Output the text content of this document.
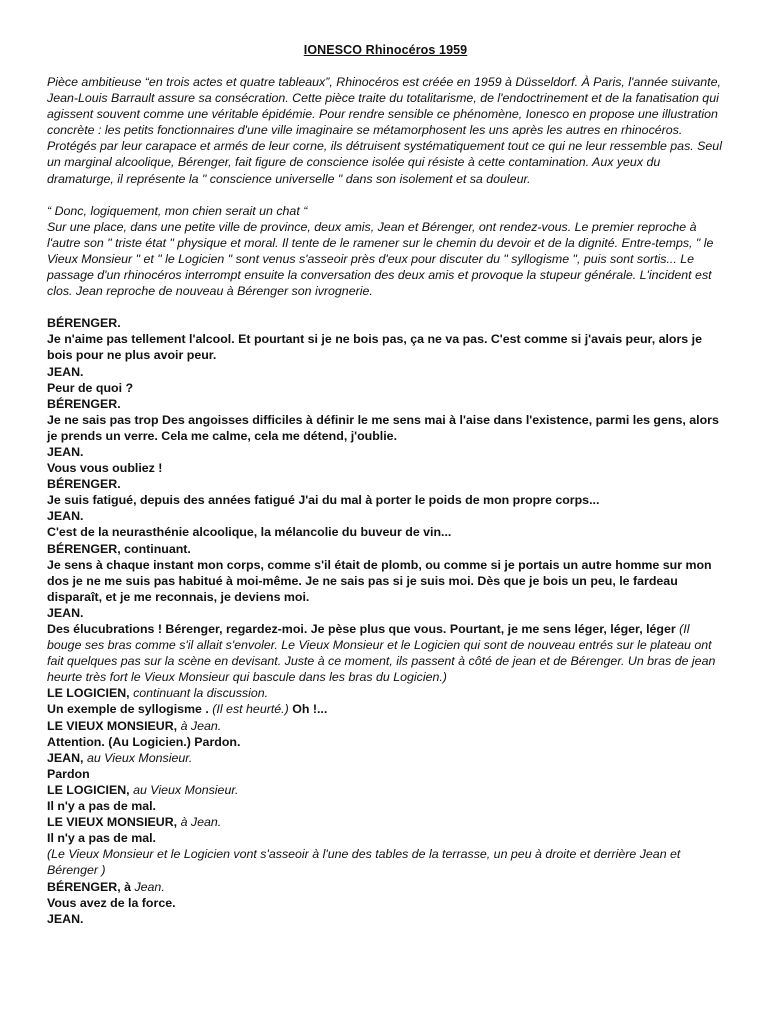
IONESCO Rhinocéros 1959

Pièce ambitieuse “en trois actes et quatre tableaux”, Rhinocéros est créée en 1959 à Düsseldorf. À Paris, l'année suivante, Jean-Louis Barrault assure sa consécration. Cette pièce traite du totalitarisme, de l'endoctrinement et de la fanatisation qui agissent souvent comme une véritable épidémie. Pour rendre sensible ce phénomène, Ionesco en propose une illustration concrète : les petits fonctionnaires d'une ville imaginaire se métamorphosent les uns après les autres en rhinocéros. Protégés par leur carapace et armés de leur corne, ils détruisent systématiquement tout ce qui ne leur ressemble pas. Seul un marginal alcoolique, Bérenger, fait figure de conscience isolée qui résiste à cette contamination. Aux yeux du dramaturge, il représente la " conscience universelle " dans son isolement et sa douleur.

“ Donc, logiquement, mon chien serait un chat “

Sur une place, dans une petite ville de province, deux amis, Jean et Bérenger, ont rendez-vous. Le premier reproche à l'autre son " triste état " physique et moral. Il tente de le ramener sur le chemin du devoir et de la dignité. Entre-temps, " le Vieux Monsieur " et " le Logicien " sont venus s'asseoir près d'eux pour discuter du " syllogisme ", puis sont sortis... Le passage d'un rhinocéros interrompt ensuite la conversation des deux amis et provoque la stupeur générale. L'incident est clos. Jean reproche de nouveau à Bérenger son ivrognerie.

BÉRENGER.

Je n'aime pas tellement l'alcool. Et pourtant si je ne bois pas, ça ne va pas. C'est comme si j'avais peur, alors je bois pour ne plus avoir peur.

JEAN.

Peur de quoi ?

BÉRENGER.

Je ne sais pas trop Des angoisses difficiles à définir le me sens mai à l'aise dans l'existence, parmi les gens, alors je prends un verre. Cela me calme, cela me détend, j'oublie.

JEAN.

Vous vous oubliez !

BÉRENGER.

Je suis fatigué, depuis des années fatigué J'ai du mal à porter le poids de mon propre corps...

JEAN.

C'est de la neurasthénie alcoolique, la mélancolie du buveur de vin...

BÉRENGER, continuant.

Je sens à chaque instant mon corps, comme s'il était de plomb, ou comme si je portais un autre homme sur mon dos je ne me suis pas habitué à moi-même. Je ne sais pas si je suis moi. Dès que je bois un peu, le fardeau disparaît, et je me reconnais, je deviens moi.

JEAN.

Des élucubrations ! Bérenger, regardez-moi. Je pèse plus que vous. Pourtant, je me sens léger, léger, léger (Il bouge ses bras comme s'il allait s'envoler. Le Vieux Monsieur et le Logicien qui sont de nouveau entrés sur le plateau ont fait quelques pas sur la scène en devisant. Juste à ce moment, ils passent à côté de jean et de Bérenger. Un bras de jean heurte très fort le Vieux Monsieur qui bascule dans les bras du Logicien.)

LE LOGICIEN, continuant la discussion.

Un exemple de syllogisme . (Il est heurté.) Oh !...

LE VIEUX MONSIEUR, à Jean.

Attention. (Au Logicien.) Pardon.

JEAN, au Vieux Monsieur.

Pardon

LE LOGICIEN, au Vieux Monsieur.

Il n'y a pas de mal.

LE VIEUX MONSIEUR, à Jean.

Il n'y a pas de mal.

(Le Vieux Monsieur et le Logicien vont s'asseoir à l'une des tables de la terrasse, un peu à droite et derrière Jean et Bérenger )

BÉRENGER, à Jean.

Vous avez de la force.

JEAN.
